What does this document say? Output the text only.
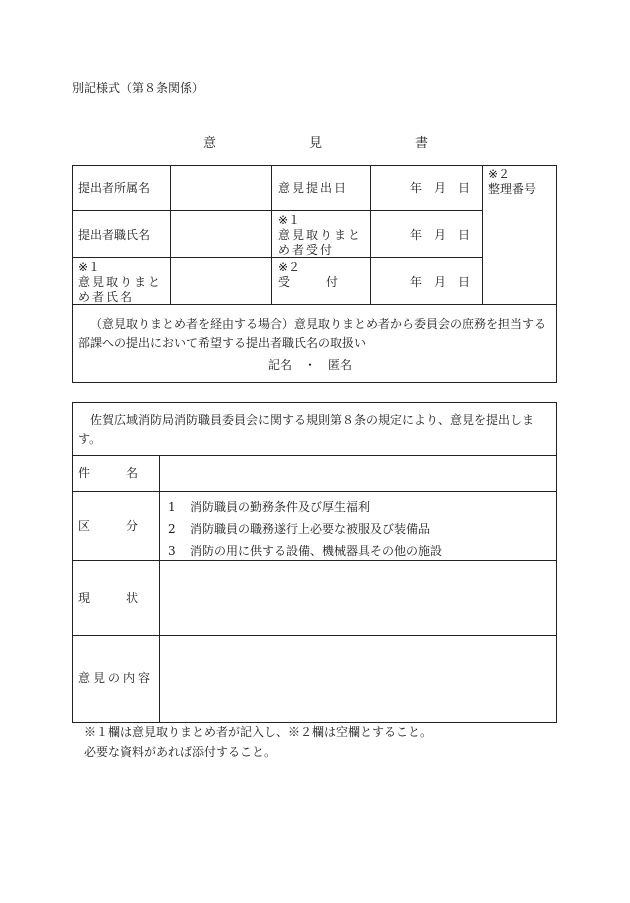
別記様式（第８条関係）
意	見	書
提出者所属名
提出者職氏名
※１
意見取りまとめ者氏名
意見提出日
※１
意見取りまとめ者受付
※２
受　　　付
年　月　日
年　月　日
年　月　日
※２
整理番号
（意見取りまとめ者を経由する場合）意見取りまとめ者から委員会の庶務を担当する部課への提出において希望する提出者職氏名の取扱い
記名　・　匿名
佐賀広域消防局消防職員委員会に関する規則第８条の規定により、意見を提出します。
件　　　名
区　　　分
1 消防職員の勤務条件及び厚生福利
2 消防職員の職務遂行上必要な被服及び装備品
3 消防の用に供する設備、機械器具その他の施設
現　　　状
意見の内容
※１欄は意見取りまとめ者が記入し、※２欄は空欄とすること。
必要な資料があれば添付すること。
